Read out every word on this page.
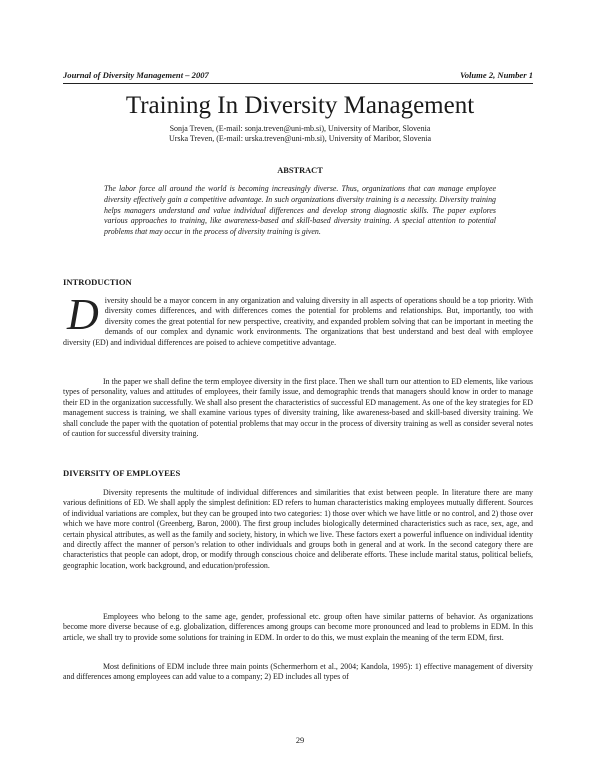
Journal of Diversity Management – 2007	Volume 2, Number 1
Training In Diversity Management
Sonja Treven, (E-mail: sonja.treven@uni-mb.si), University of Maribor, Slovenia
Urska Treven, (E-mail: urska.treven@uni-mb.si), University of Maribor, Slovenia
ABSTRACT

The labor force all around the world is becoming increasingly diverse. Thus, organizations that can manage employee diversity effectively gain a competitive advantage. In such organizations diversity training is a necessity. Diversity training helps managers understand and value individual differences and develop strong diagnostic skills. The paper explores various approaches to training, like awareness-based and skill-based diversity training. A special attention to potential problems that may occur in the process of diversity training is given.

INTRODUCTION
Diversity should be a mayor concern in any organization and valuing diversity in all aspects of operations should be a top priority. With diversity comes differences, and with differences comes the potential for problems and relationships. But, importantly, too with diversity comes the great potential for new perspective, creativity, and expanded problem solving that can be important in meeting the demands of our complex and dynamic work environments. The organizations that best understand and best deal with employee diversity (ED) and individual differences are poised to achieve competitive advantage.

In the paper we shall define the term employee diversity in the first place. Then we shall turn our attention to ED elements, like various types of personality, values and attitudes of employees, their family issue, and demographic trends that managers should know in order to manage their ED in the organization successfully. We shall also present the characteristics of successful ED management. As one of the key strategies for ED management success is training, we shall examine various types of diversity training, like awareness-based and skill-based diversity training. We shall conclude the paper with the quotation of potential problems that may occur in the process of diversity training as well as consider several notes of caution for successful diversity training.

DIVERSITY OF EMPLOYEES

Diversity represents the multitude of individual differences and similarities that exist between people. In literature there are many various definitions of ED. We shall apply the simplest definition: ED refers to human characteristics making employees mutually different. Sources of individual variations are complex, but they can be grouped into two categories: 1) those over which we have little or no control, and 2) those over which we have more control (Greenberg, Baron, 2000). The first group includes biologically determined characteristics such as race, sex, age, and certain physical attributes, as well as the family and society, history, in which we live. These factors exert a powerful influence on individual identity and directly affect the manner of person’s relation to other individuals and groups both in general and at work. In the second category there are characteristics that people can adopt, drop, or modify through conscious choice and deliberate efforts. These include marital status, political beliefs, geographic location, work background, and education/profession.

Employees who belong to the same age, gender, professional etc. group often have similar patterns of behavior. As organizations become more diverse because of e.g. globalization, differences among groups can become more pronounced and lead to problems in EDM. In this article, we shall try to provide some solutions for training in EDM. In order to do this, we must explain the meaning of the term EDM, first.

Most definitions of EDM include three main points (Schermerhorn et al., 2004; Kandola, 1995): 1) effective management of diversity and differences among employees can add value to a company; 2) ED includes all types of

29
